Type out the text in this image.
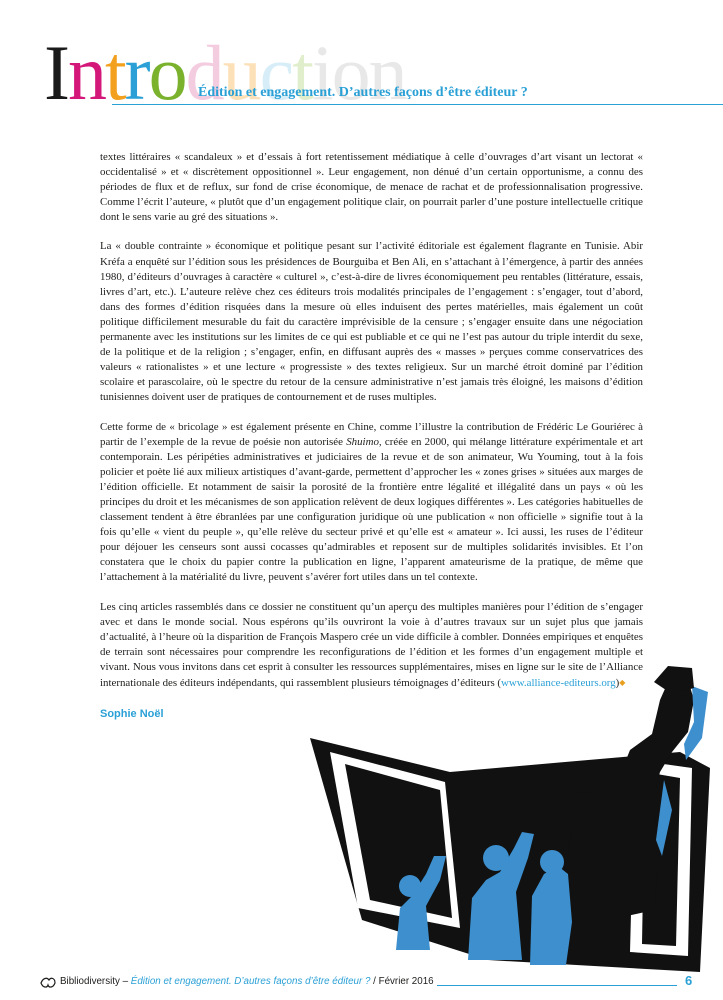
Introduction
Édition et engagement. D’autres façons d’être éditeur ?

textes littéraires « scandaleux » et d’essais à fort retentissement médiatique à celle d’ouvrages d’art visant un lectorat « occidentalisé » et « discrètement oppositionnel ». Leur engagement, non dénué d’un certain opportunisme, a connu des périodes de flux et de reflux, sur fond de crise économique, de menace de rachat et de professionnalisation progressive. Comme l’écrit l’auteure, « plutôt que d’un engagement politique clair, on pourrait parler d’une posture intellectuelle critique dont le sens varie au gré des situations ».

La « double contrainte » économique et politique pesant sur l’activité éditoriale est également flagrante en Tunisie. Abir Kréfa a enquêté sur l’édition sous les présidences de Bourguiba et Ben Ali, en s’attachant à l’émergence, à partir des années 1980, d’éditeurs d’ouvrages à caractère « culturel », c’est-à-dire de livres économiquement peu rentables (littérature, essais, livres d’art, etc.). L’auteure relève chez ces éditeurs trois modalités principales de l’engagement : s’engager, tout d’abord, dans des formes d’édition risquées dans la mesure où elles induisent des pertes matérielles, mais également un coût politique difficilement mesurable du fait du caractère imprévisible de la censure ; s’engager ensuite dans une négociation permanente avec les institutions sur les limites de ce qui est publiable et ce qui ne l’est pas autour du triple interdit du sexe, de la politique et de la religion ; s’engager, enfin, en diffusant auprès des « masses » perçues comme conservatrices des valeurs « rationalistes » et une lecture « progressiste » des textes religieux. Sur un marché étroit dominé par l’édition scolaire et parascolaire, où le spectre du retour de la censure administrative n’est jamais très éloigné, les maisons d’édition tunisiennes doivent user de pratiques de contournement et de ruses multiples.

Cette forme de « bricolage » est également présente en Chine, comme l’illustre la contribution de Frédéric Le Gouriérec à partir de l’exemple de la revue de poésie non autorisée Shuimo, créée en 2000, qui mélange littérature expérimentale et art contemporain. Les péripéties administratives et judiciaires de la revue et de son animateur, Wu Youming, tout à la fois policier et poète lié aux milieux artistiques d’avant-garde, permettent d’approcher les « zones grises » situées aux marges de l’édition officielle. Et notamment de saisir la porosité de la frontière entre légalité et illégalité dans un pays « où les principes du droit et les mécanismes de son application relèvent de deux logiques différentes ». Les catégories habituelles de classement tendent à être ébranlées par une configuration juridique où une publication « non officielle » signifie tout à la fois qu’elle « vient du peuple », qu’elle relève du secteur privé et qu’elle est « amateur ». Ici aussi, les ruses de l’éditeur pour déjouer les censeurs sont aussi cocasses qu’admirables et reposent sur de multiples solidarités invisibles. Et l’on constatera que le choix du papier contre la publication en ligne, l’apparent amateurisme de la pratique, de même que l’attachement à la matérialité du livre, peuvent s’avérer fort utiles dans un tel contexte.

Les cinq articles rassemblés dans ce dossier ne constituent qu’un aperçu des multiples manières pour l’édition de s’engager avec et dans le monde social. Nous espérons qu’ils ouvriront la voie à d’autres travaux sur un sujet plus que jamais d’actualité, à l’heure où la disparition de François Maspero crée un vide difficile à combler. Données empiriques et enquêtes de terrain sont nécessaires pour comprendre les reconfigurations de l’édition et les formes d’un engagement multiple et vivant. Nous vous invitons dans cet esprit à consulter les ressources supplémentaires, mises en ligne sur le site de l’Alliance internationale des éditeurs indépendants, qui rassemblent plusieurs témoignages d’éditeurs (www.alliance-editeurs.org)◆

Sophie Noël
Bibliodiversity – Édition et engagement. D’autres façons d’être éditeur ? / Février 2016	6
